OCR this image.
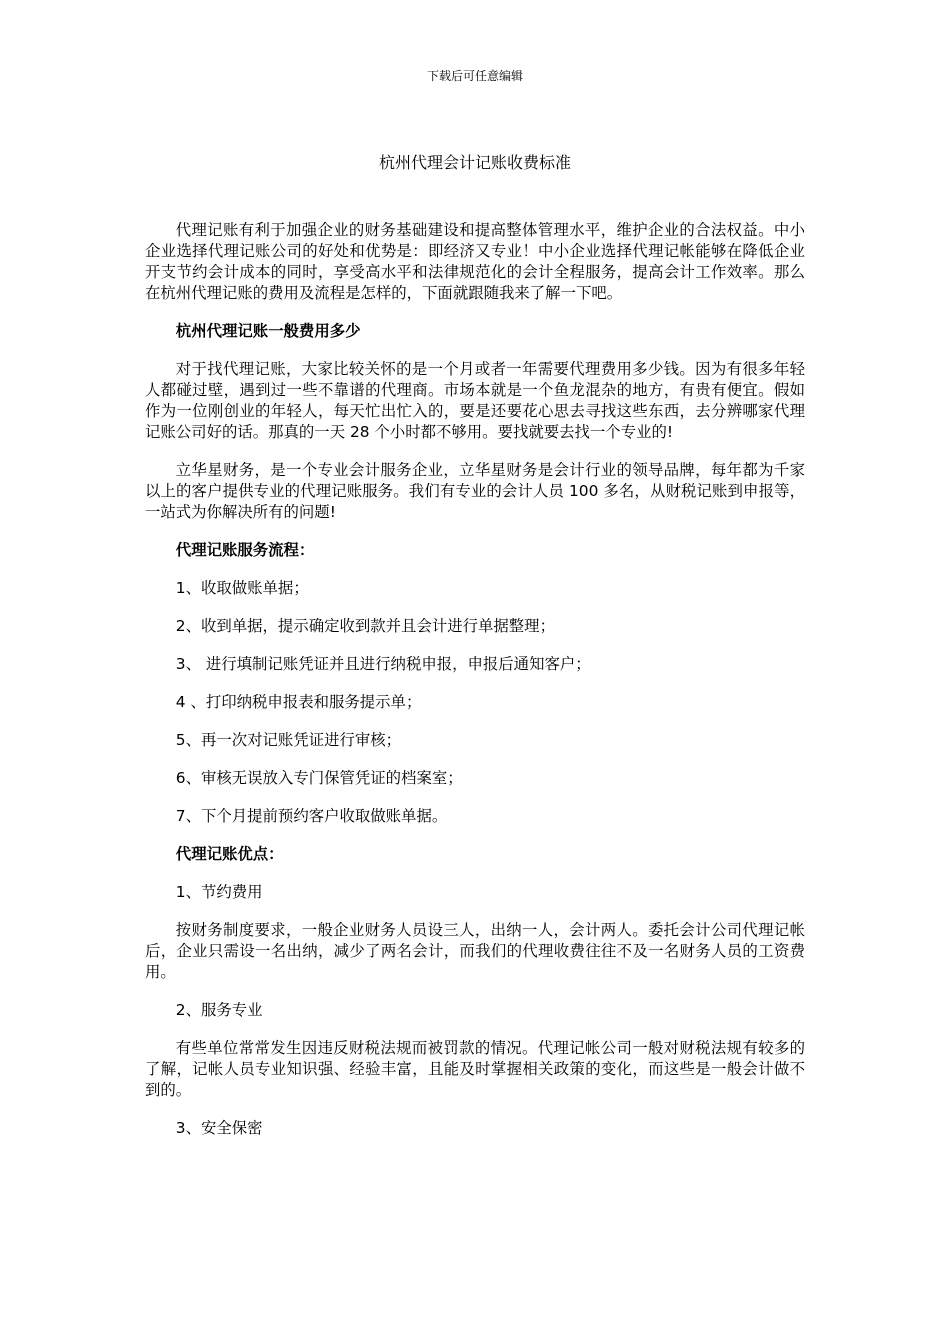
下载后可任意编辑
杭州代理会计记账收费标准

代理记账有利于加强企业的财务基础建设和提高整体管理水平，维护企业的合法权益。中小企业选择代理记账公司的好处和优势是：即经济又专业！中小企业选择代理记帐能够在降低企业开支节约会计成本的同时，享受高水平和法律规范化的会计全程服务，提高会计工作效率。那么在杭州代理记账的费用及流程是怎样的，下面就跟随我来了解一下吧。

杭州代理记账一般费用多少

对于找代理记账，大家比较关怀的是一个月或者一年需要代理费用多少钱。因为有很多年轻人都碰过壁，遇到过一些不靠谱的代理商。市场本就是一个鱼龙混杂的地方，有贵有便宜。假如作为一位刚创业的年轻人，每天忙出忙入的，要是还要花心思去寻找这些东西，去分辨哪家代理记账公司好的话。那真的一天 28 个小时都不够用。要找就要去找一个专业的!

立华星财务，是一个专业会计服务企业，立华星财务是会计行业的领导品牌，每年都为千家以上的客户提供专业的代理记账服务。我们有专业的会计人员 100 多名，从财税记账到申报等，一站式为你解决所有的问题!

代理记账服务流程：

1、收取做账单据；

2、收到单据，提示确定收到款并且会计进行单据整理；

3、 进行填制记账凭证并且进行纳税申报，申报后通知客户；

4 、打印纳税申报表和服务提示单；

5、再一次对记账凭证进行审核；

6、审核无误放入专门保管凭证的档案室；

7、下个月提前预约客户收取做账单据。

代理记账优点：

1、节约费用

按财务制度要求，一般企业财务人员设三人，出纳一人，会计两人。委托会计公司代理记帐后，企业只需设一名出纳，减少了两名会计，而我们的代理收费往往不及一名财务人员的工资费用。

2、服务专业

有些单位常常发生因违反财税法规而被罚款的情况。代理记帐公司一般对财税法规有较多的了解，记帐人员专业知识强、经验丰富，且能及时掌握相关政策的变化，而这些是一般会计做不到的。

3、安全保密
